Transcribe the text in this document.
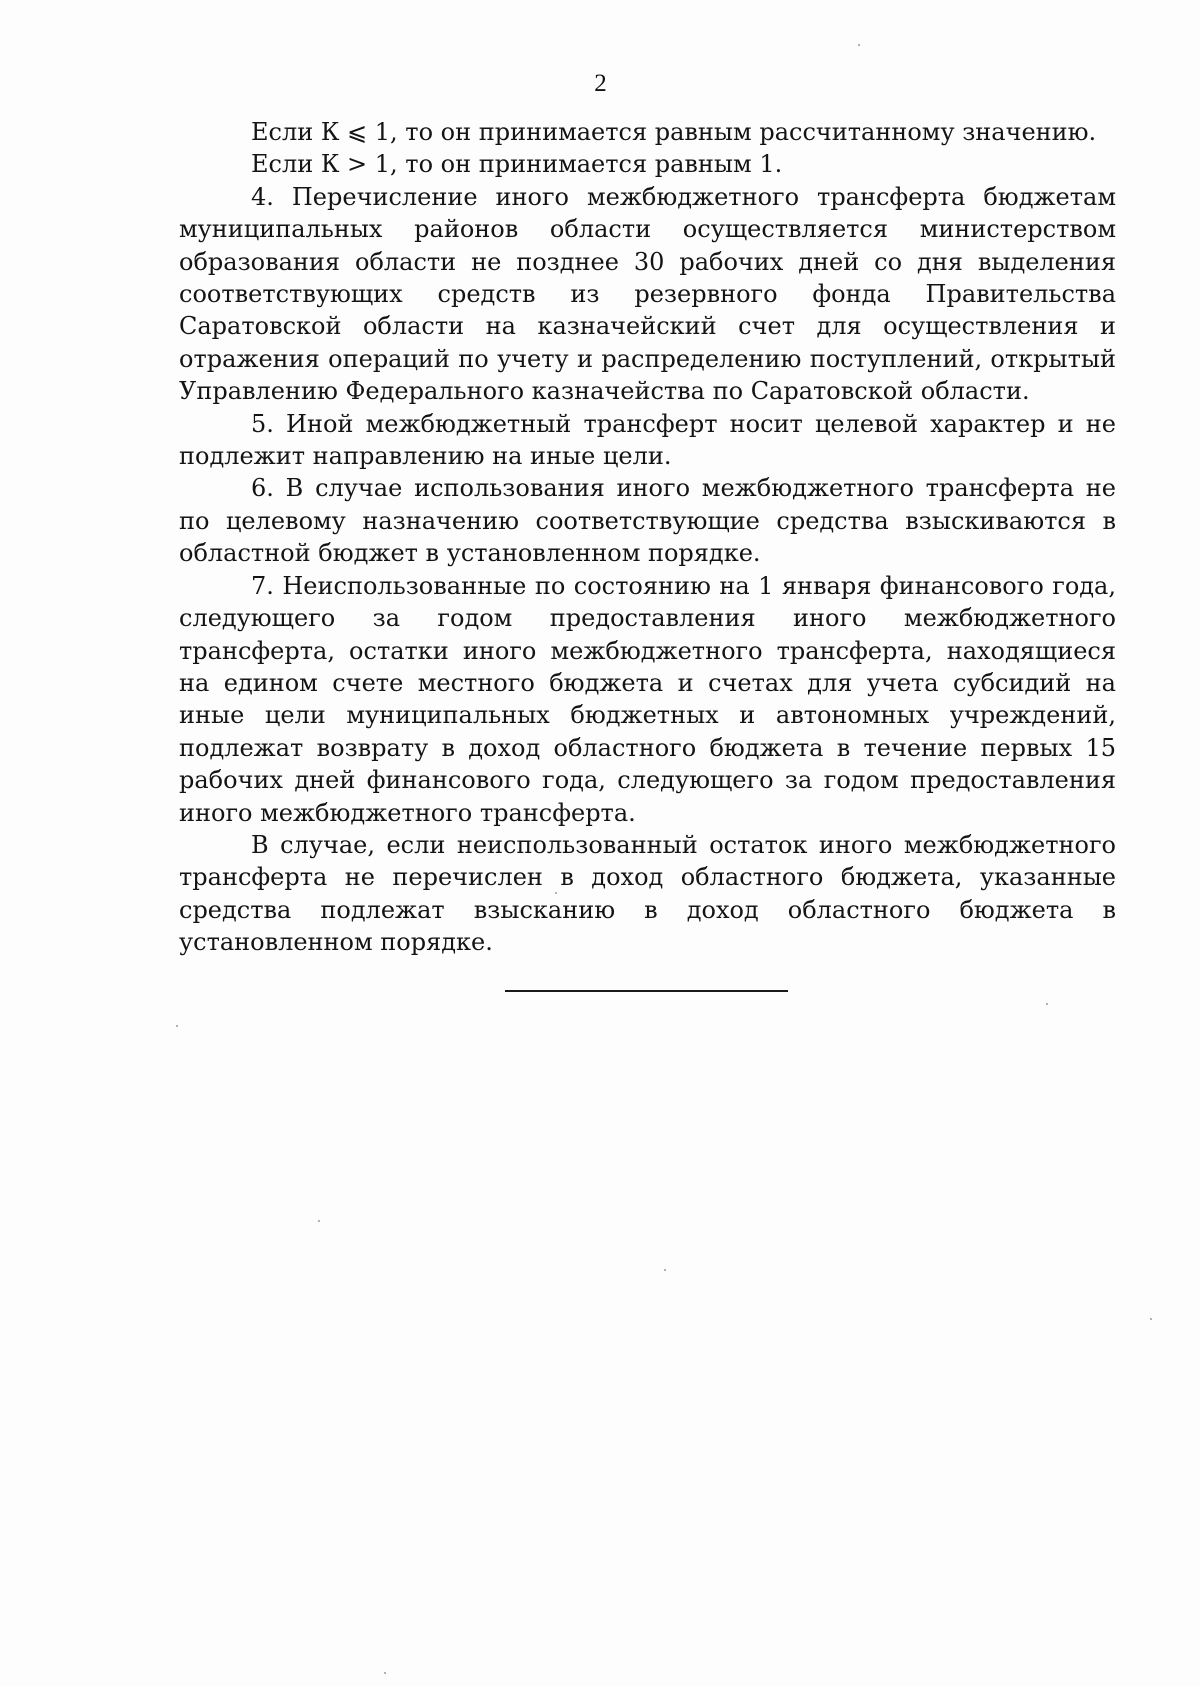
2

Если К ⩽ 1, то он принимается равным рассчитанному значению.

Если К > 1, то он принимается равным 1.

4. Перечисление иного межбюджетного трансферта бюджетам муниципальных районов области осуществляется министерством образования области не позднее 30 рабочих дней со дня выделения соответствующих средств из резервного фонда Правительства Саратовской области на казначейский счет для осуществления и отражения операций по учету и распределению поступлений, открытый Управлению Федерального казначейства по Саратовской области.

5. Иной межбюджетный трансферт носит целевой характер и не подлежит направлению на иные цели.

6. В случае использования иного межбюджетного трансферта не по целевому назначению соответствующие средства взыскиваются в областной бюджет в установленном порядке.

7. Неиспользованные по состоянию на 1 января финансового года, следующего за годом предоставления иного межбюджетного трансферта, остатки иного межбюджетного трансферта, находящиеся на едином счете местного бюджета и счетах для учета субсидий на иные цели муниципальных бюджетных и автономных учреждений, подлежат возврату в доход областного бюджета в течение первых 15 рабочих дней финансового года, следующего за годом предоставления иного межбюджетного трансферта.

В случае, если неиспользованный остаток иного межбюджетного трансферта не перечислен в доход областного бюджета, указанные средства подлежат взысканию в доход областного бюджета в установленном порядке.
